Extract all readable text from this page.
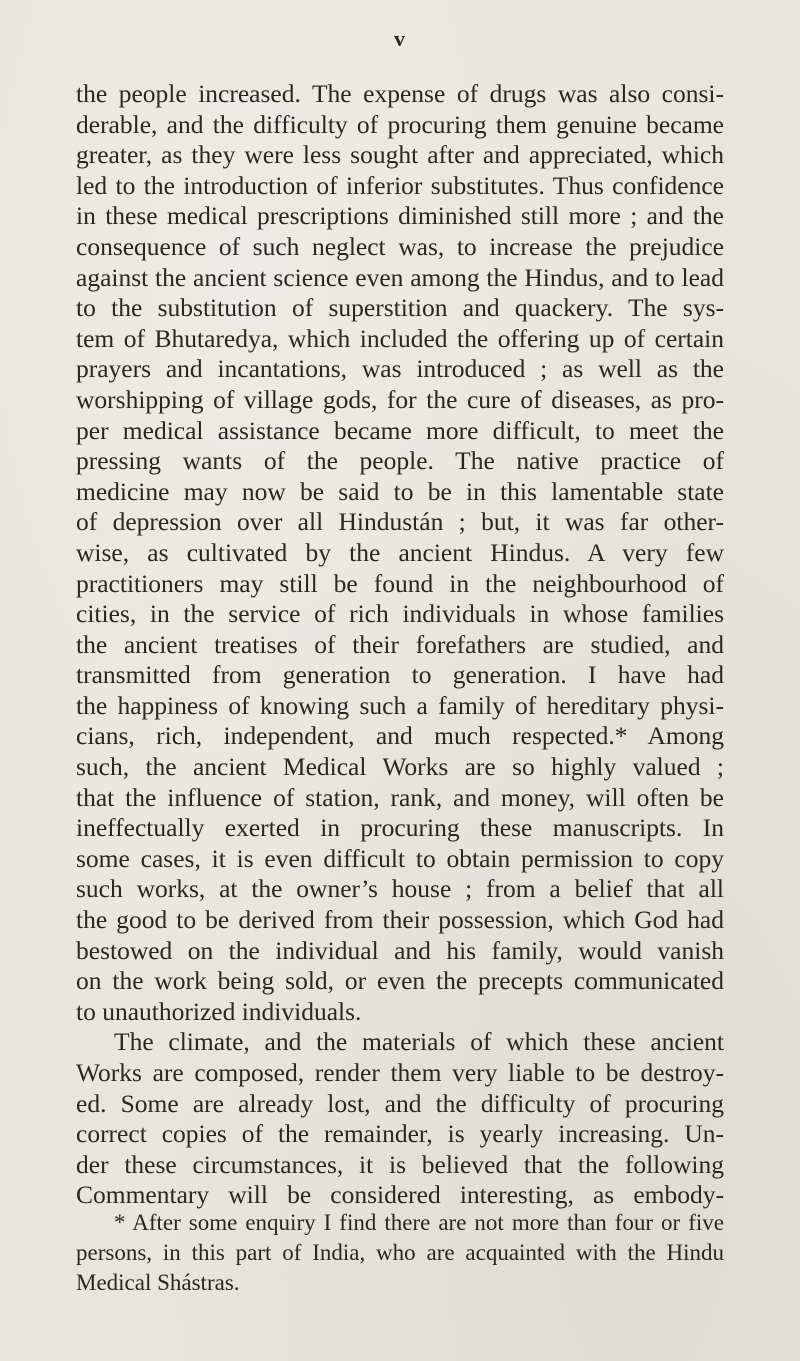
v
the people increased. The expense of drugs was also consi-
derable, and the difficulty of procuring them genuine became
greater, as they were less sought after and appreciated, which
led to the introduction of inferior substitutes. Thus confidence
in these medical prescriptions diminished still more ; and the
consequence of such neglect was, to increase the prejudice
against the ancient science even among the Hindus, and to lead
to the substitution of superstition and quackery. The sys-
tem of Bhutaredya, which included the offering up of certain
prayers and incantations, was introduced ; as well as the
worshipping of village gods, for the cure of diseases, as pro-
per medical assistance became more difficult, to meet the
pressing wants of the people. The native practice of
medicine may now be said to be in this lamentable state
of depression over all Hindustán ; but, it was far other-
wise, as cultivated by the ancient Hindus. A very few
practitioners may still be found in the neighbourhood of
cities, in the service of rich individuals in whose families
the ancient treatises of their forefathers are studied, and
transmitted from generation to generation. I have had
the happiness of knowing such a family of hereditary physi-
cians, rich, independent, and much respected.* Among
such, the ancient Medical Works are so highly valued ;
that the influence of station, rank, and money, will often be
ineffectually exerted in procuring these manuscripts. In
some cases, it is even difficult to obtain permission to copy
such works, at the owner’s house ; from a belief that all
the good to be derived from their possession, which God had
bestowed on the individual and his family, would vanish
on the work being sold, or even the precepts communicated
to unauthorized individuals.
The climate, and the materials of which these ancient
Works are composed, render them very liable to be destroy-
ed. Some are already lost, and the difficulty of procuring
correct copies of the remainder, is yearly increasing. Un-
der these circumstances, it is believed that the following
Commentary will be considered interesting, as embody-
* After some enquiry I find there are not more than four or five
persons, in this part of India, who are acquainted with the Hindu
Medical Shástras.
